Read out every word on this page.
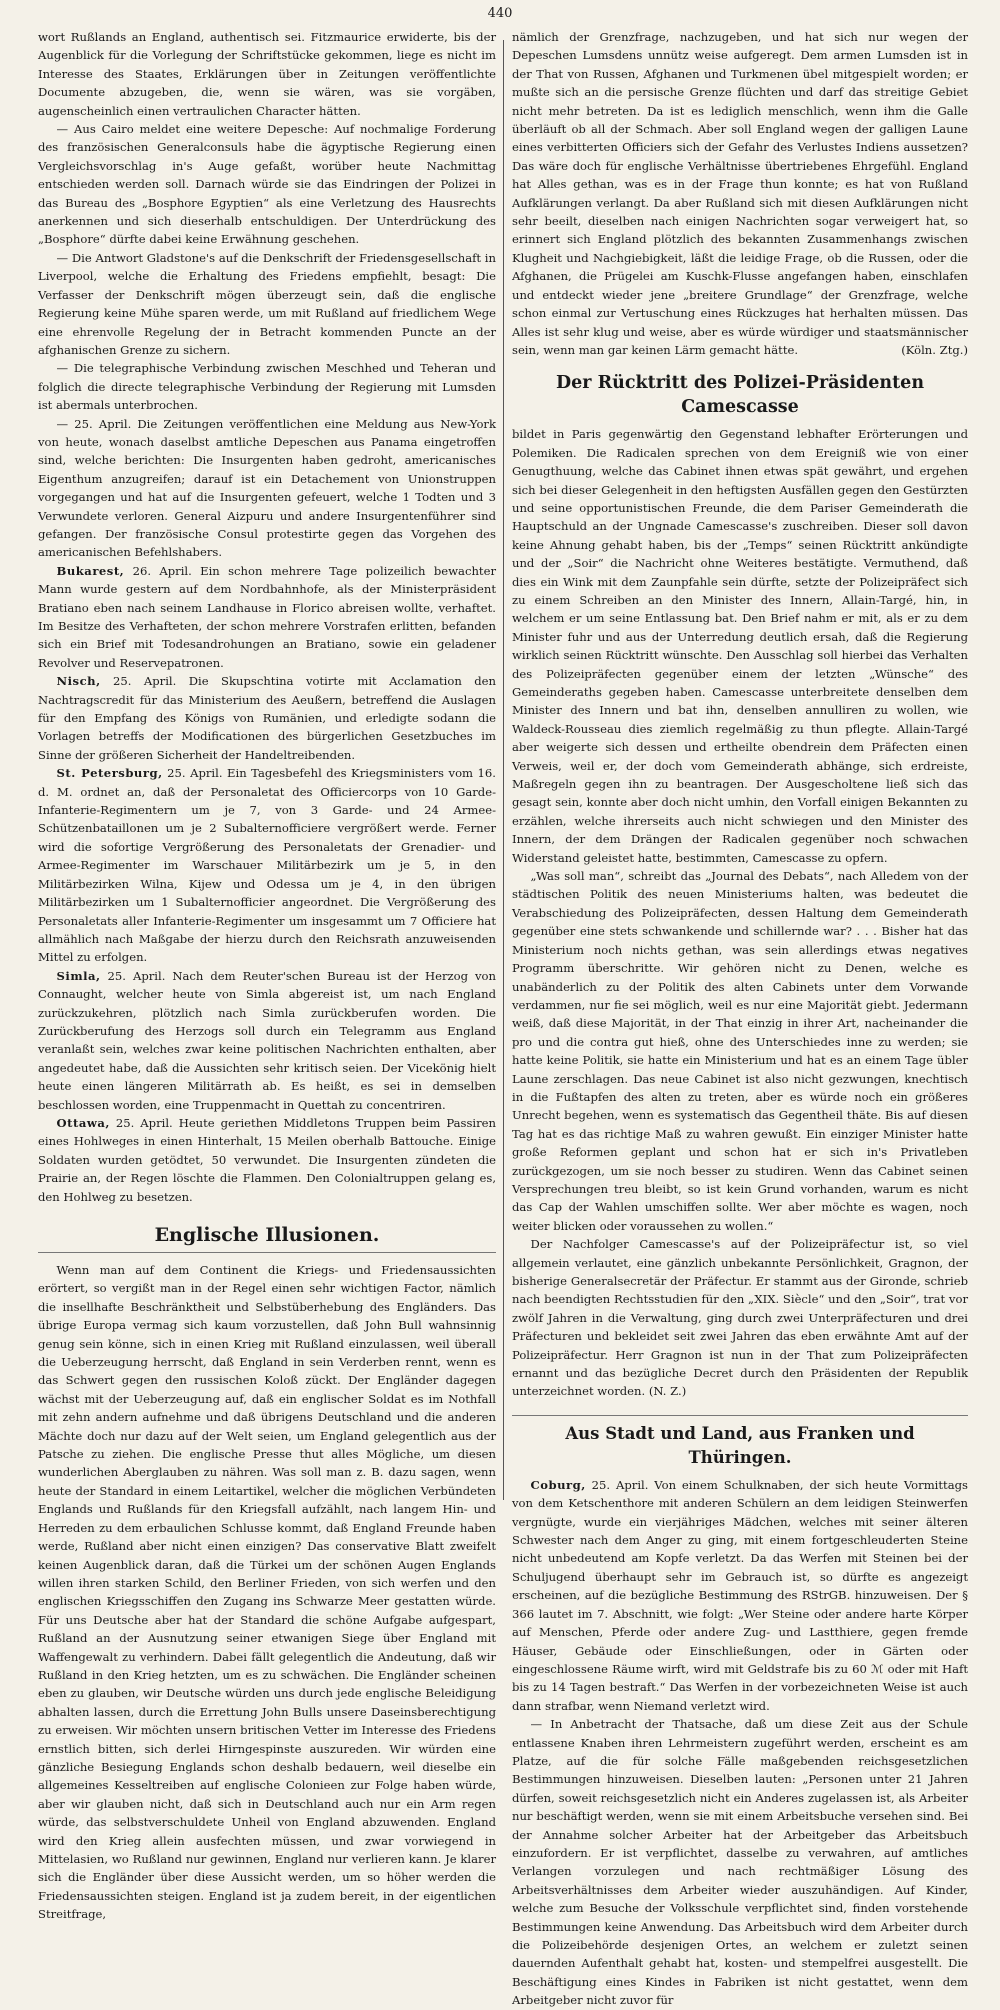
440

wort Rußlands an England, authentisch sei. Fitzmaurice erwiderte, bis der Augenblick für die Vorlegung der Schriftstücke gekommen, liege es nicht im Interesse des Staates, Erklärungen über in Zeitungen veröffentlichte Documente abzugeben, die, wenn sie wären, was sie vorgäben, augenscheinlich einen vertraulichen Character hätten.

— Aus Cairo meldet eine weitere Depesche: Auf nochmalige Forderung des französischen Generalconsuls habe die ägyptische Regierung einen Vergleichsvorschlag in's Auge gefaßt, worüber heute Nachmittag entschieden werden soll. Darnach würde sie das Eindringen der Polizei in das Bureau des „Bosphore Egyptien“ als eine Verletzung des Hausrechts anerkennen und sich dieserhalb entschuldigen. Der Unterdrückung des „Bosphore“ dürfte dabei keine Erwähnung geschehen.

— Die Antwort Gladstone's auf die Denkschrift der Friedensgesellschaft in Liverpool, welche die Erhaltung des Friedens empfiehlt, besagt: Die Verfasser der Denkschrift mögen überzeugt sein, daß die englische Regierung keine Mühe sparen werde, um mit Rußland auf friedlichem Wege eine ehrenvolle Regelung der in Betracht kommenden Puncte an der afghanischen Grenze zu sichern.

— Die telegraphische Verbindung zwischen Meschhed und Teheran und folglich die directe telegraphische Verbindung der Regierung mit Lumsden ist abermals unterbrochen.

— 25. April. Die Zeitungen veröffentlichen eine Meldung aus New-York von heute, wonach daselbst amtliche Depeschen aus Panama eingetroffen sind, welche berichten: Die Insurgenten haben gedroht, americanisches Eigenthum anzugreifen; darauf ist ein Detachement von Unionstruppen vorgegangen und hat auf die Insurgenten gefeuert, welche 1 Todten und 3 Verwundete verloren. General Aizpuru und andere Insurgentenführer sind gefangen. Der französische Consul protestirte gegen das Vorgehen des americanischen Befehlshabers.

Bukarest, 26. April. Ein schon mehrere Tage polizeilich bewachter Mann wurde gestern auf dem Nordbahnhofe, als der Ministerpräsident Bratiano eben nach seinem Landhause in Florico abreisen wollte, verhaftet. Im Besitze des Verhafteten, der schon mehrere Vorstrafen erlitten, befanden sich ein Brief mit Todesandrohungen an Bratiano, sowie ein geladener Revolver und Reservepatronen.

Nisch, 25. April. Die Skupschtina votirte mit Acclamation den Nachtragscredit für das Ministerium des Aeußern, betreffend die Auslagen für den Empfang des Königs von Rumänien, und erledigte sodann die Vorlagen betreffs der Modificationen des bürgerlichen Gesetzbuches im Sinne der größeren Sicherheit der Handeltreibenden.

St. Petersburg, 25. April. Ein Tagesbefehl des Kriegsministers vom 16. d. M. ordnet an, daß der Personaletat des Officiercorps von 10 Garde-Infanterie-Regimentern um je 7, von 3 Garde- und 24 Armee-Schützenbataillonen um je 2 Subalternofficiere vergrößert werde. Ferner wird die sofortige Vergrößerung des Personaletats der Grenadier- und Armee-Regimenter im Warschauer Militärbezirk um je 5, in den Militärbezirken Wilna, Kijew und Odessa um je 4, in den übrigen Militärbezirken um 1 Subalternofficier angeordnet. Die Vergrößerung des Personaletats aller Infanterie-Regimenter um insgesammt um 7 Officiere hat allmählich nach Maßgabe der hierzu durch den Reichsrath anzuweisenden Mittel zu erfolgen.

Simla, 25. April. Nach dem Reuter'schen Bureau ist der Herzog von Connaught, welcher heute von Simla abgereist ist, um nach England zurückzukehren, plötzlich nach Simla zurückberufen worden. Die Zurückberufung des Herzogs soll durch ein Telegramm aus England veranlaßt sein, welches zwar keine politischen Nachrichten enthalten, aber angedeutet habe, daß die Aussichten sehr kritisch seien. Der Vicekönig hielt heute einen längeren Militärrath ab. Es heißt, es sei in demselben beschlossen worden, eine Truppenmacht in Quettah zu concentriren.

Ottawa, 25. April. Heute geriethen Middletons Truppen beim Passiren eines Hohlweges in einen Hinterhalt, 15 Meilen oberhalb Battouche. Einige Soldaten wurden getödtet, 50 verwundet. Die Insurgenten zündeten die Prairie an, der Regen löschte die Flammen. Den Colonialtruppen gelang es, den Hohlweg zu besetzen.

Englische Illusionen.

Wenn man auf dem Continent die Kriegs- und Friedensaussichten erörtert, so vergißt man in der Regel einen sehr wichtigen Factor, nämlich die insellhafte Beschränktheit und Selbstüberhebung des Engländers. Das übrige Europa vermag sich kaum vorzustellen, daß John Bull wahnsinnig genug sein könne, sich in einen Krieg mit Rußland einzulassen, weil überall die Ueberzeugung herrscht, daß England in sein Verderben rennt, wenn es das Schwert gegen den russischen Koloß zückt. Der Engländer dagegen wächst mit der Ueberzeugung auf, daß ein englischer Soldat es im Nothfall mit zehn andern aufnehme und daß übrigens Deutschland und die anderen Mächte doch nur dazu auf der Welt seien, um England gelegentlich aus der Patsche zu ziehen. Die englische Presse thut alles Mögliche, um diesen wunderlichen Aberglauben zu nähren. Was soll man z. B. dazu sagen, wenn heute der Standard in einem Leitartikel, welcher die möglichen Verbündeten Englands und Rußlands für den Kriegsfall aufzählt, nach langem Hin- und Herreden zu dem erbaulichen Schlusse kommt, daß England Freunde haben werde, Rußland aber nicht einen einzigen? Das conservative Blatt zweifelt keinen Augenblick daran, daß die Türkei um der schönen Augen Englands willen ihren starken Schild, den Berliner Frieden, von sich werfen und den englischen Kriegsschiffen den Zugang ins Schwarze Meer gestatten würde. Für uns Deutsche aber hat der Standard die schöne Aufgabe aufgespart, Rußland an der Ausnutzung seiner etwanigen Siege über England mit Waffengewalt zu verhindern. Dabei fällt gelegentlich die Andeutung, daß wir Rußland in den Krieg hetzten, um es zu schwächen. Die Engländer scheinen eben zu glauben, wir Deutsche würden uns durch jede englische Beleidigung abhalten lassen, durch die Errettung John Bulls unsere Daseinsberechtigung zu erweisen. Wir möchten unsern britischen Vetter im Interesse des Friedens ernstlich bitten, sich derlei Hirngespinste auszureden. Wir würden eine gänzliche Besiegung Englands schon deshalb bedauern, weil dieselbe ein allgemeines Kesseltreiben auf englische Colonieen zur Folge haben würde, aber wir glauben nicht, daß sich in Deutschland auch nur ein Arm regen würde, das selbstverschuldete Unheil von England abzuwenden. England wird den Krieg allein ausfechten müssen, und zwar vorwiegend in Mittelasien, wo Rußland nur gewinnen, England nur verlieren kann. Je klarer sich die Engländer über diese Aussicht werden, um so höher werden die Friedensaussichten steigen. England ist ja zudem bereit, in der eigentlichen Streitfrage,

nämlich der Grenzfrage, nachzugeben, und hat sich nur wegen der Depeschen Lumsdens unnütz weise aufgeregt. Dem armen Lumsden ist in der That von Russen, Afghanen und Turkmenen übel mitgespielt worden; er mußte sich an die persische Grenze flüchten und darf das streitige Gebiet nicht mehr betreten. Da ist es lediglich menschlich, wenn ihm die Galle überläuft ob all der Schmach. Aber soll England wegen der galligen Laune eines verbitterten Officiers sich der Gefahr des Verlustes Indiens aussetzen? Das wäre doch für englische Verhältnisse übertriebenes Ehrgefühl. England hat Alles gethan, was es in der Frage thun konnte; es hat von Rußland Aufklärungen verlangt. Da aber Rußland sich mit diesen Aufklärungen nicht sehr beeilt, dieselben nach einigen Nachrichten sogar verweigert hat, so erinnert sich England plötzlich des bekannten Zusammenhangs zwischen Klugheit und Nachgiebigkeit, läßt die leidige Frage, ob die Russen, oder die Afghanen, die Prügelei am Kuschk-Flusse angefangen haben, einschlafen und entdeckt wieder jene „breitere Grundlage“ der Grenzfrage, welche schon einmal zur Vertuschung eines Rückzuges hat herhalten müssen. Das Alles ist sehr klug und weise, aber es würde würdiger und staatsmännischer sein, wenn man gar keinen Lärm gemacht hätte.	(Köln. Ztg.)

Der Rücktritt des Polizei-Präsidenten Camescasse

bildet in Paris gegenwärtig den Gegenstand lebhafter Erörterungen und Polemiken. Die Radicalen sprechen von dem Ereigniß wie von einer Genugthuung, welche das Cabinet ihnen etwas spät gewährt, und ergehen sich bei dieser Gelegenheit in den heftigsten Ausfällen gegen den Gestürzten und seine opportunistischen Freunde, die dem Pariser Gemeinderath die Hauptschuld an der Ungnade Camescasse's zuschreiben. Dieser soll davon keine Ahnung gehabt haben, bis der „Temps“ seinen Rücktritt ankündigte und der „Soir“ die Nachricht ohne Weiteres bestätigte. Vermuthend, daß dies ein Wink mit dem Zaunpfahle sein dürfte, setzte der Polizeipräfect sich zu einem Schreiben an den Minister des Innern, Allain-Targé, hin, in welchem er um seine Entlassung bat. Den Brief nahm er mit, als er zu dem Minister fuhr und aus der Unterredung deutlich ersah, daß die Regierung wirklich seinen Rücktritt wünschte. Den Ausschlag soll hierbei das Verhalten des Polizeipräfecten gegenüber einem der letzten „Wünsche“ des Gemeinderaths gegeben haben. Camescasse unterbreitete denselben dem Minister des Innern und bat ihn, denselben annulliren zu wollen, wie Waldeck-Rousseau dies ziemlich regelmäßig zu thun pflegte. Allain-Targé aber weigerte sich dessen und ertheilte obendrein dem Präfecten einen Verweis, weil er, der doch vom Gemeinderath abhänge, sich erdreiste, Maßregeln gegen ihn zu beantragen. Der Ausgescholtene ließ sich das gesagt sein, konnte aber doch nicht umhin, den Vorfall einigen Bekannten zu erzählen, welche ihrerseits auch nicht schwiegen und den Minister des Innern, der dem Drängen der Radicalen gegenüber noch schwachen Widerstand geleistet hatte, bestimmten, Camescasse zu opfern.

„Was soll man“, schreibt das „Journal des Debats“, nach Alledem von der städtischen Politik des neuen Ministeriums halten, was bedeutet die Verabschiedung des Polizeipräfecten, dessen Haltung dem Gemeinderath gegenüber eine stets schwankende und schillernde war? . . . Bisher hat das Ministerium noch nichts gethan, was sein allerdings etwas negatives Programm überschritte. Wir gehören nicht zu Denen, welche es unabänderlich zu der Politik des alten Cabinets unter dem Vorwande verdammen, nur fie sei möglich, weil es nur eine Majorität giebt. Jedermann weiß, daß diese Majorität, in der That einzig in ihrer Art, nacheinander die pro und die contra gut hieß, ohne des Unterschiedes inne zu werden; sie hatte keine Politik, sie hatte ein Ministerium und hat es an einem Tage übler Laune zerschlagen. Das neue Cabinet ist also nicht gezwungen, knechtisch in die Fußtapfen des alten zu treten, aber es würde noch ein größeres Unrecht begehen, wenn es systematisch das Gegentheil thäte. Bis auf diesen Tag hat es das richtige Maß zu wahren gewußt. Ein einziger Minister hatte große Reformen geplant und schon hat er sich in's Privatleben zurückgezogen, um sie noch besser zu studiren. Wenn das Cabinet seinen Versprechungen treu bleibt, so ist kein Grund vorhanden, warum es nicht das Cap der Wahlen umschiffen sollte. Wer aber möchte es wagen, noch weiter blicken oder voraussehen zu wollen.“

Der Nachfolger Camescasse's auf der Polizeipräfectur ist, so viel allgemein verlautet, eine gänzlich unbekannte Persönlichkeit, Gragnon, der bisherige Generalsecretär der Präfectur. Er stammt aus der Gironde, schrieb nach beendigten Rechtsstudien für den „XIX. Siècle“ und den „Soir“, trat vor zwölf Jahren in die Verwaltung, ging durch zwei Unterpräfecturen und drei Präfecturen und bekleidet seit zwei Jahren das eben erwähnte Amt auf der Polizeipräfectur. Herr Gragnon ist nun in der That zum Polizeipräfecten ernannt und das bezügliche Decret durch den Präsidenten der Republik unterzeichnet worden. (N. Z.)

Aus Stadt und Land, aus Franken und Thüringen.

Coburg, 25. April. Von einem Schulknaben, der sich heute Vormittags von dem Ketschenthore mit anderen Schülern an dem leidigen Steinwerfen vergnügte, wurde ein vierjähriges Mädchen, welches mit seiner älteren Schwester nach dem Anger zu ging, mit einem fortgeschleuderten Steine nicht unbedeutend am Kopfe verletzt. Da das Werfen mit Steinen bei der Schuljugend überhaupt sehr im Gebrauch ist, so dürfte es angezeigt erscheinen, auf die bezügliche Bestimmung des RStrGB. hinzuweisen. Der § 366 lautet im 7. Abschnitt, wie folgt: „Wer Steine oder andere harte Körper auf Menschen, Pferde oder andere Zug- und Lastthiere, gegen fremde Häuser, Gebäude oder Einschließungen, oder in Gärten oder eingeschlossene Räume wirft, wird mit Geldstrafe bis zu 60 ℳ oder mit Haft bis zu 14 Tagen bestraft.“ Das Werfen in der vorbezeichneten Weise ist auch dann strafbar, wenn Niemand verletzt wird.

— In Anbetracht der Thatsache, daß um diese Zeit aus der Schule entlassene Knaben ihren Lehrmeistern zugeführt werden, erscheint es am Platze, auf die für solche Fälle maßgebenden reichsgesetzlichen Bestimmungen hinzuweisen. Dieselben lauten: „Personen unter 21 Jahren dürfen, soweit reichsgesetzlich nicht ein Anderes zugelassen ist, als Arbeiter nur beschäftigt werden, wenn sie mit einem Arbeitsbuche versehen sind. Bei der Annahme solcher Arbeiter hat der Arbeitgeber das Arbeitsbuch einzufordern. Er ist verpflichtet, dasselbe zu verwahren, auf amtliches Verlangen vorzulegen und nach rechtmäßiger Lösung des Arbeitsverhältnisses dem Arbeiter wieder auszuhändigen. Auf Kinder, welche zum Besuche der Volksschule verpflichtet sind, finden vorstehende Bestimmungen keine Anwendung. Das Arbeitsbuch wird dem Arbeiter durch die Polizeibehörde desjenigen Ortes, an welchem er zuletzt seinen dauernden Aufenthalt gehabt hat, kosten- und stempelfrei ausgestellt. Die Beschäftigung eines Kindes in Fabriken ist nicht gestattet, wenn dem Arbeitgeber nicht zuvor für
